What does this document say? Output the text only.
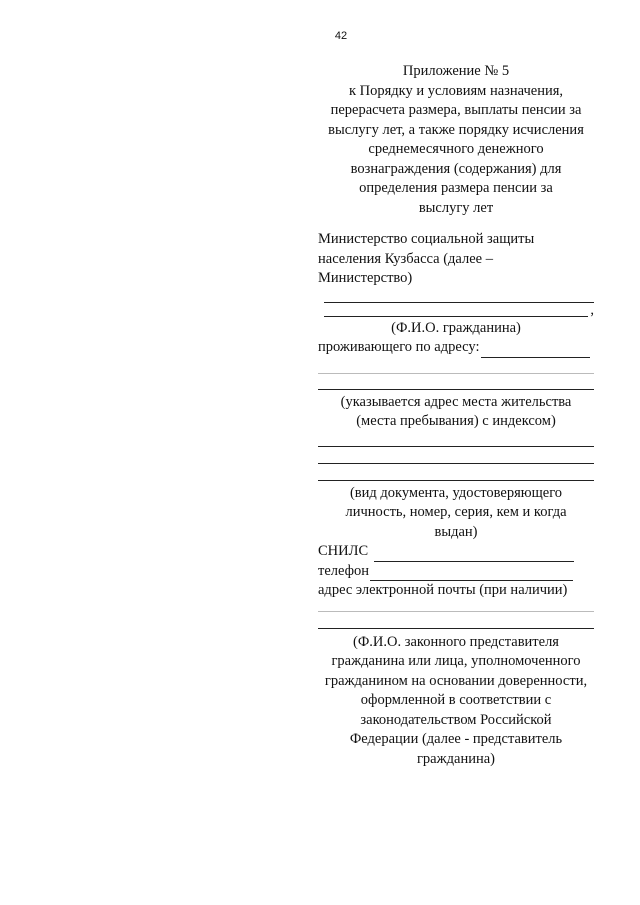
42

Приложение № 5

к Порядку и условиям назначения,

перерасчета размера, выплаты пенсии за

выслугу лет, а также порядку исчисления

среднемесячного денежного

вознаграждения (содержания) для

определения размера пенсии за

выслугу лет

Министерство социальной защиты

населения Кузбасса (далее –

Министерство)

,

(Ф.И.О. гражданина)

проживающего по адресу:

(указывается адрес места жительства

(места пребывания) с индексом)

(вид документа, удостоверяющего

личность, номер, серия, кем и когда

выдан)

СНИЛС
телефон

адрес электронной почты (при наличии)

(Ф.И.О. законного представителя

гражданина или лица, уполномоченного

гражданином на основании доверенности,

оформленной в соответствии с

законодательством Российской

Федерации (далее - представитель

гражданина)
